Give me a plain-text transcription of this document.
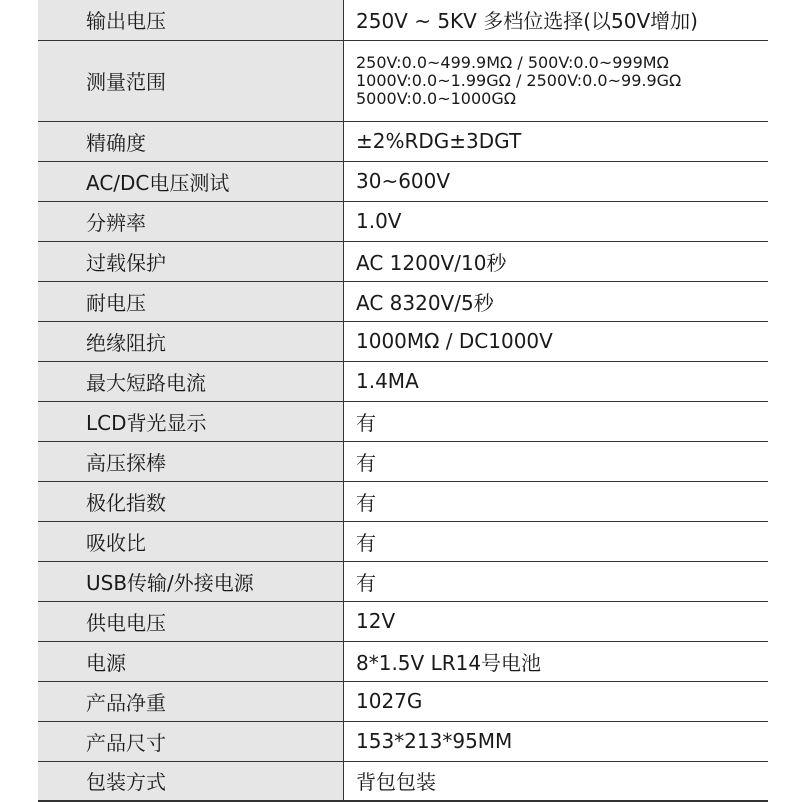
输出电压	250V ~ 5KV 多档位选择(以50V增加)
测量范围	250V:0.0~499.9MΩ / 500V:0.0~999MΩ
1000V:0.0~1.99GΩ / 2500V:0.0~99.9GΩ
5000V:0.0~1000GΩ

精确度	±2%RDG±3DGT
AC/DC电压测试	30~600V
分辨率	1.0V
过载保护	AC 1200V/10秒
耐电压	AC 8320V/5秒
绝缘阻抗	1000MΩ / DC1000V
最大短路电流	1.4MA
LCD背光显示	有
高压探棒	有
极化指数	有
吸收比	有
USB传输/外接电源	有
供电电压	12V
电源	8*1.5V LR14号电池
产品净重	1027G
产品尺寸	153*213*95MM
包装方式	背包包装
